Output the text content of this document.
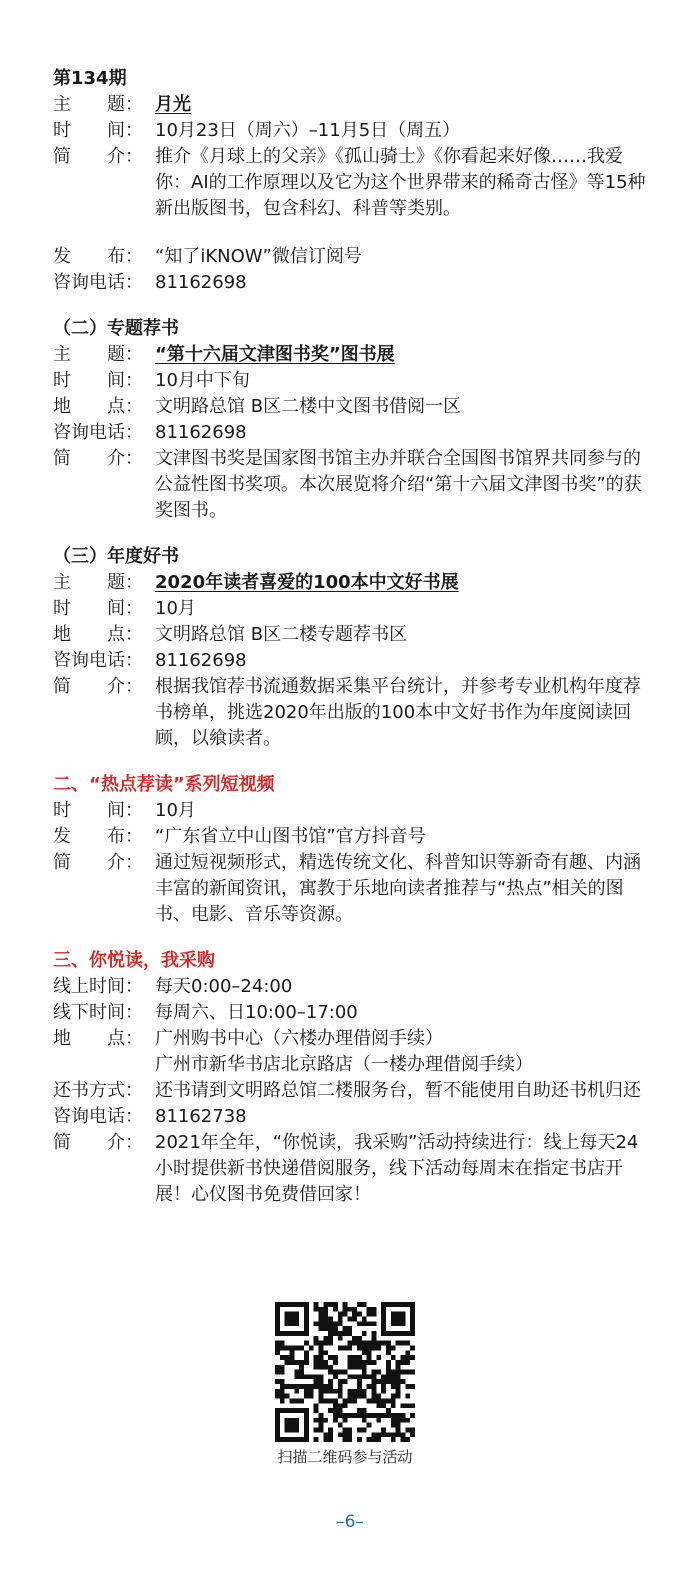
第134期
主　　题： 月光
时　　间： 10月23日（周六）–11月5日（周五）
简　　介： 推介《月球上的父亲》《孤山骑士》《你看起来好像……我爱你：AI的工作原理以及它为这个世界带来的稀奇古怪》等15种新出版图书，包含科幻、科普等类别。
发　　布： “知了iKNOW”微信订阅号
咨询电话： 81162698
（二）专题荐书
主　　题： “第十六届文津图书奖”图书展
时　　间： 10月中下旬
地　　点： 文明路总馆 B区二楼中文图书借阅一区
咨询电话： 81162698
简　　介： 文津图书奖是国家图书馆主办并联合全国图书馆界共同参与的公益性图书奖项。本次展览将介绍“第十六届文津图书奖”的获奖图书。
（三）年度好书
主　　题： 2020年读者喜爱的100本中文好书展
时　　间： 10月
地　　点： 文明路总馆 B区二楼专题荐书区
咨询电话： 81162698
简　　介： 根据我馆荐书流通数据采集平台统计，并参考专业机构年度荐书榜单，挑选2020年出版的100本中文好书作为年度阅读回顾，以飨读者。
二、“热点荐读”系列短视频
时　　间： 10月
发　　布： “广东省立中山图书馆”官方抖音号
简　　介： 通过短视频形式，精选传统文化、科普知识等新奇有趣、内涵丰富的新闻资讯，寓教于乐地向读者推荐与“热点”相关的图书、电影、音乐等资源。
三、你悦读，我采购
线上时间： 每天0:00–24:00
线下时间： 每周六、日10:00–17:00
地　　点： 广州购书中心（六楼办理借阅手续）
广州市新华书店北京路店（一楼办理借阅手续）
还书方式： 还书请到文明路总馆二楼服务台，暂不能使用自助还书机归还
咨询电话： 81162738
简　　介： 2021年全年，“你悦读，我采购”活动持续进行：线上每天24小时提供新书快递借阅服务，线下活动每周末在指定书店开展！心仪图书免费借回家！
扫描二维码参与活动
–6–
